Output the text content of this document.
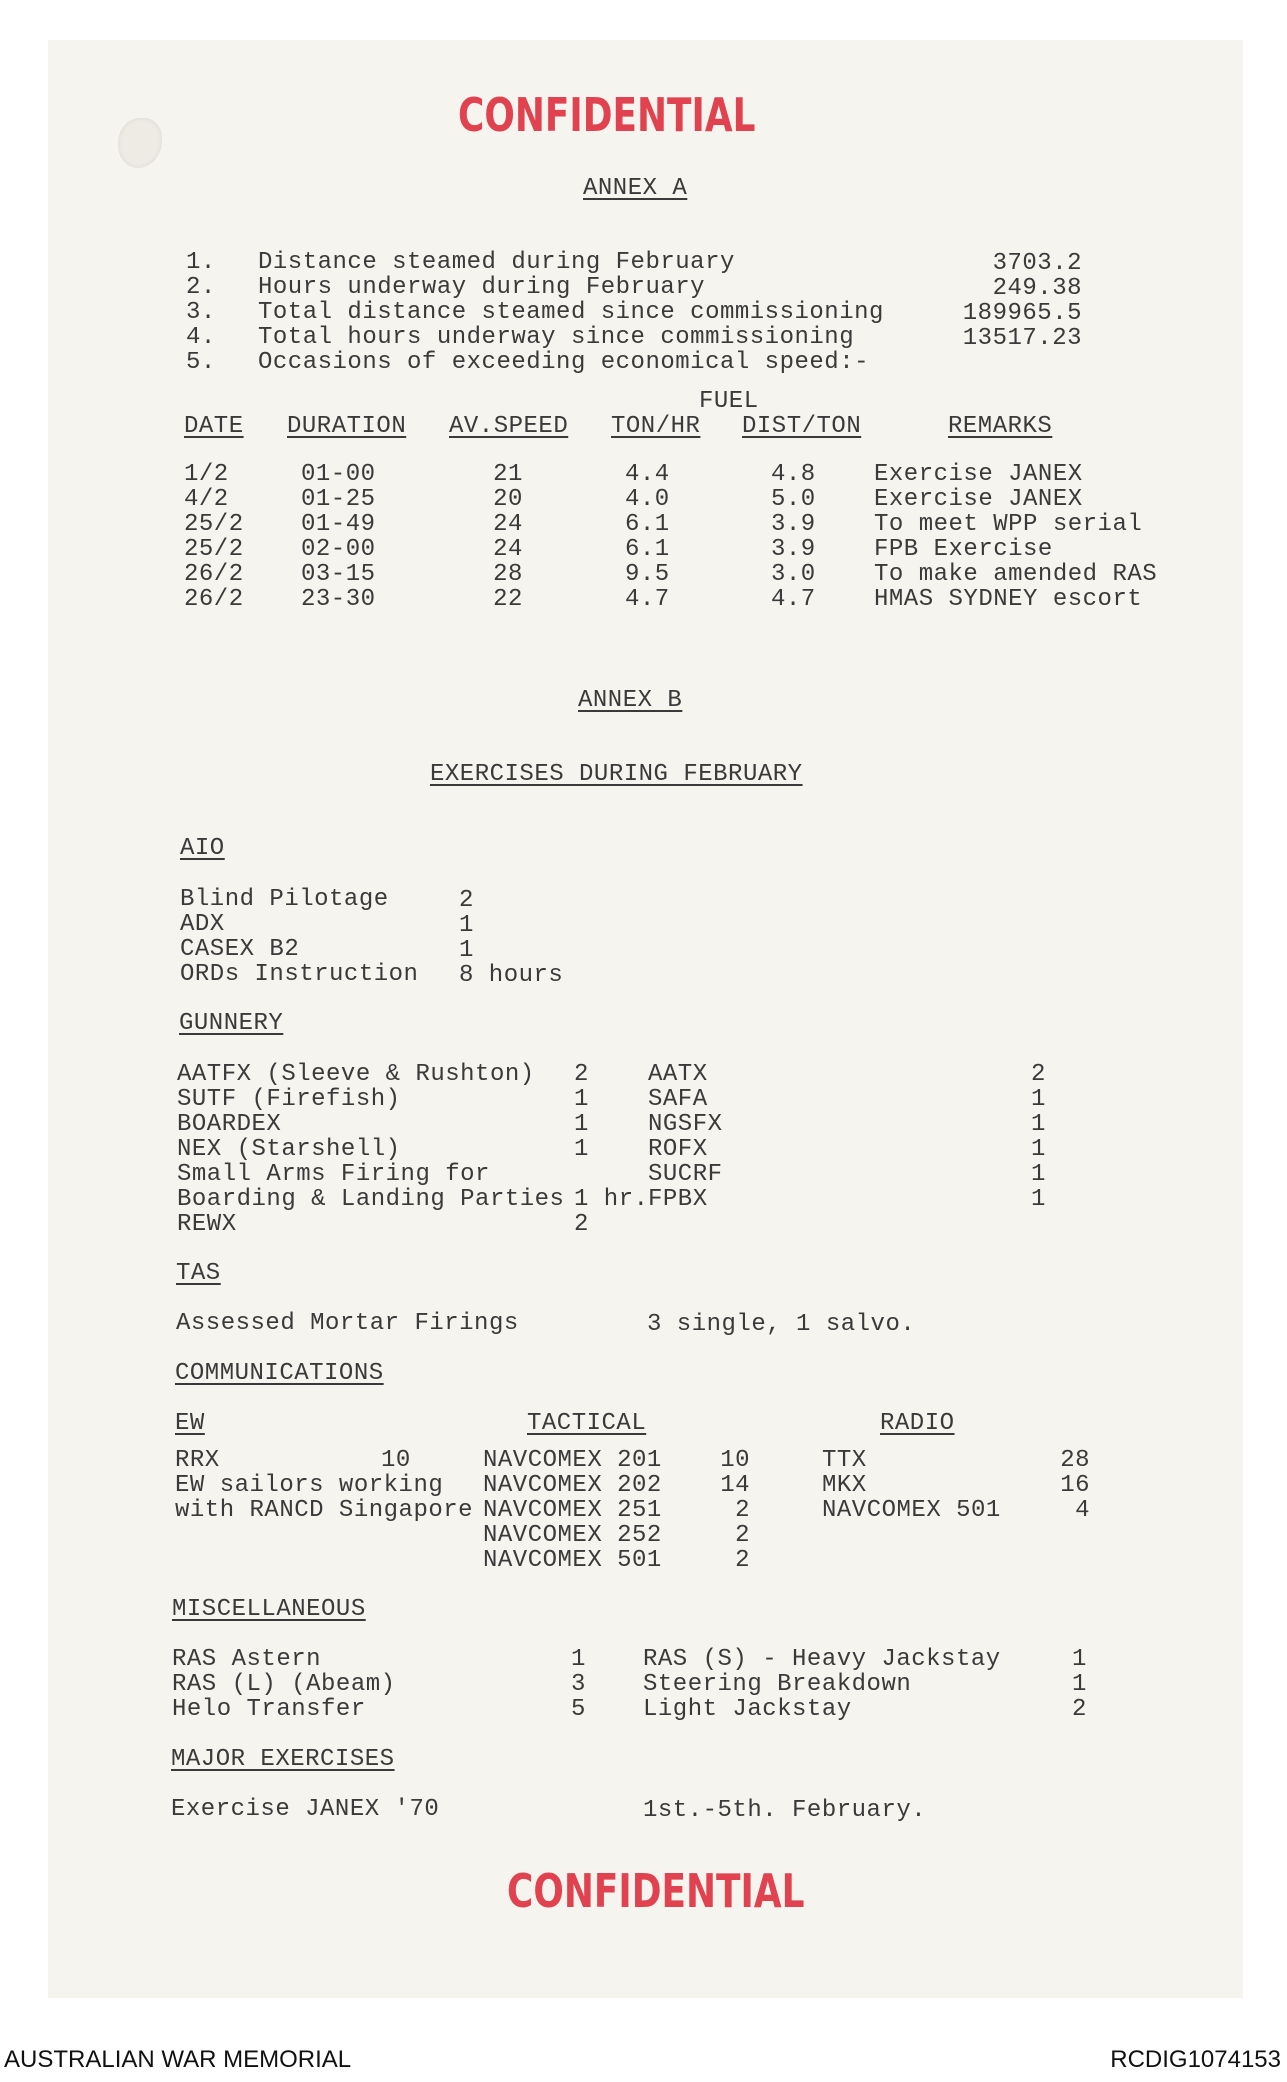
CONFIDENTIAL
ANNEX A
1. Distance steamed during February	3703.2
2. Hours underway during February	249.38
3. Total distance steamed since commissioning	189965.5
4. Total hours underway since commissioning	13517.23
5. Occasions of exceeding economical speed:-
FUEL
DATE DURATION AV.SPEED TON/HR DIST/TON	REMARKS
1/2	01-00	21	4.4	4.8 Exercise JANEX
4/2	01-25	20	4.0	5.0 Exercise JANEX
25/2 01-49	24	6.1	3.9 To meet WPP serial
25/2 02-00	24	6.1	3.9 FPB Exercise
26/2 03-15	28	9.5	3.0 To make amended RAS
26/2 23-30	22	4.7	4.7 HMAS SYDNEY escort
ANNEX B
EXERCISES DURING FEBRUARY
AIO
Blind Pilotage	2
ADX	1
CASEX B2	1
ORDs Instruction 8 hours
GUNNERY
AATFX (Sleeve & Rushton) 2
SUTF (Firefish)	1
BOARDEX	1
NEX (Starshell)	1
Small Arms Firing for
Boarding & Landing Parties 1 hr.
REWX	2
AATX	2
SAFA	1
NGSFX	1
ROFX	1
SUCRF	1
FPBX	1
TAS
Assessed Mortar Firings	3 single, 1 salvo.
COMMUNICATIONS
EW
RRX	10
EW sailors working
with RANCD Singapore
TACTICAL
NAVCOMEX 201	10
NAVCOMEX 202	14
NAVCOMEX 251	2
NAVCOMEX 252	2
NAVCOMEX 501	2
RADIO
TTX	28
MKX	16
NAVCOMEX 501	4
MISCELLANEOUS
RAS Astern	1
RAS (L) (Abeam)	3
Helo Transfer	5
RAS (S) - Heavy Jackstay	1
Steering Breakdown	1
Light Jackstay	2
MAJOR EXERCISES
Exercise JANEX '70	1st.-5th. February.
CONFIDENTIAL
AUSTRALIAN WAR MEMORIAL	RCDIG1074153
